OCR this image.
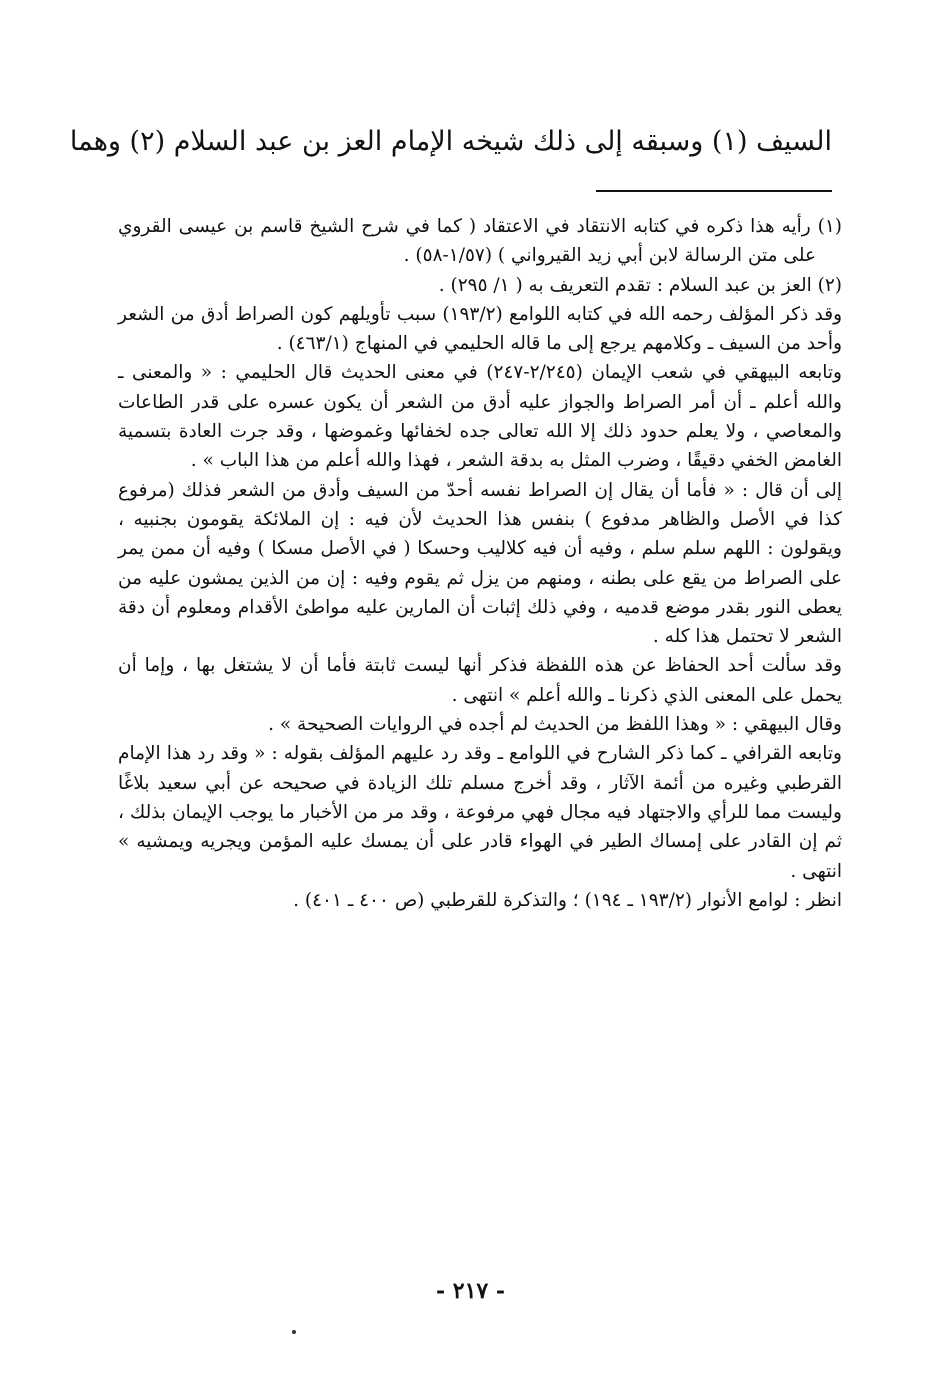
السيف (١) وسبقه إلى ذلك شيخه الإمام العز بن عبد السلام (٢) وهما

(١) رأيه هذا ذكره في كتابه الانتقاد في الاعتقاد ( كما في شرح الشيخ قاسم بن عيسى القروي على متن الرسالة لابن أبي زيد القيرواني ) (١/٥٧-٥٨) .

(٢) العز بن عبد السلام : تقدم التعريف به ( ١/ ٢٩٥) .

وقد ذكر المؤلف رحمه الله في كتابه اللوامع (١٩٣/٢) سبب تأويلهم كون الصراط أدق من الشعر وأحد من السيف ـ وكلامهم يرجع إلى ما قاله الحليمي في المنهاج (٤٦٣/١) .

وتابعه البيهقي في شعب الإيمان (٢/٢٤٥-٢٤٧) في معنى الحديث قال الحليمي : « والمعنى ـ والله أعلم ـ أن أمر الصراط والجواز عليه أدق من الشعر أن يكون عسره على قدر الطاعات والمعاصي ، ولا يعلم حدود ذلك إلا الله تعالى جده لخفائها وغموضها ، وقد جرت العادة بتسمية الغامض الخفي دقيقًا ، وضرب المثل به بدقة الشعر ، فهذا والله أعلم من هذا الباب » .

إلى أن قال : « فأما أن يقال إن الصراط نفسه أحدّ من السيف وأدق من الشعر فذلك (مرفوع كذا في الأصل والظاهر مدفوع ) بنفس هذا الحديث لأن فيه : إن الملائكة يقومون بجنبيه ، ويقولون : اللهم سلم سلم ، وفيه أن فيه كلاليب وحسكا ( في الأصل مسكا ) وفيه أن ممن يمر على الصراط من يقع على بطنه ، ومنهم من يزل ثم يقوم وفيه : إن من الذين يمشون عليه من يعطى النور بقدر موضع قدميه ، وفي ذلك إثبات أن المارين عليه مواطئ الأقدام ومعلوم أن دقة الشعر لا تحتمل هذا كله .

وقد سألت أحد الحفاظ عن هذه اللفظة فذكر أنها ليست ثابتة فأما أن لا يشتغل بها ، وإما أن يحمل على المعنى الذي ذكرنا ـ والله أعلم » انتهى .

وقال البيهقي : « وهذا اللفظ من الحديث لم أجده في الروايات الصحيحة » .

وتابعه القرافي ـ كما ذكر الشارح في اللوامع ـ وقد رد عليهم المؤلف بقوله : « وقد رد هذا الإمام القرطبي وغيره من أئمة الآثار ، وقد أخرج مسلم تلك الزيادة في صحيحه عن أبي سعيد بلاغًا وليست مما للرأي والاجتهاد فيه مجال فهي مرفوعة ، وقد مر من الأخبار ما يوجب الإيمان بذلك ، ثم إن القادر على إمساك الطير في الهواء قادر على أن يمسك عليه المؤمن ويجريه ويمشيه » انتهى .

انظر : لوامع الأنوار (١٩٣/٢ ـ ١٩٤) ؛ والتذكرة للقرطبي (ص ٤٠٠ ـ ٤٠١) .

- ٢١٧ -
